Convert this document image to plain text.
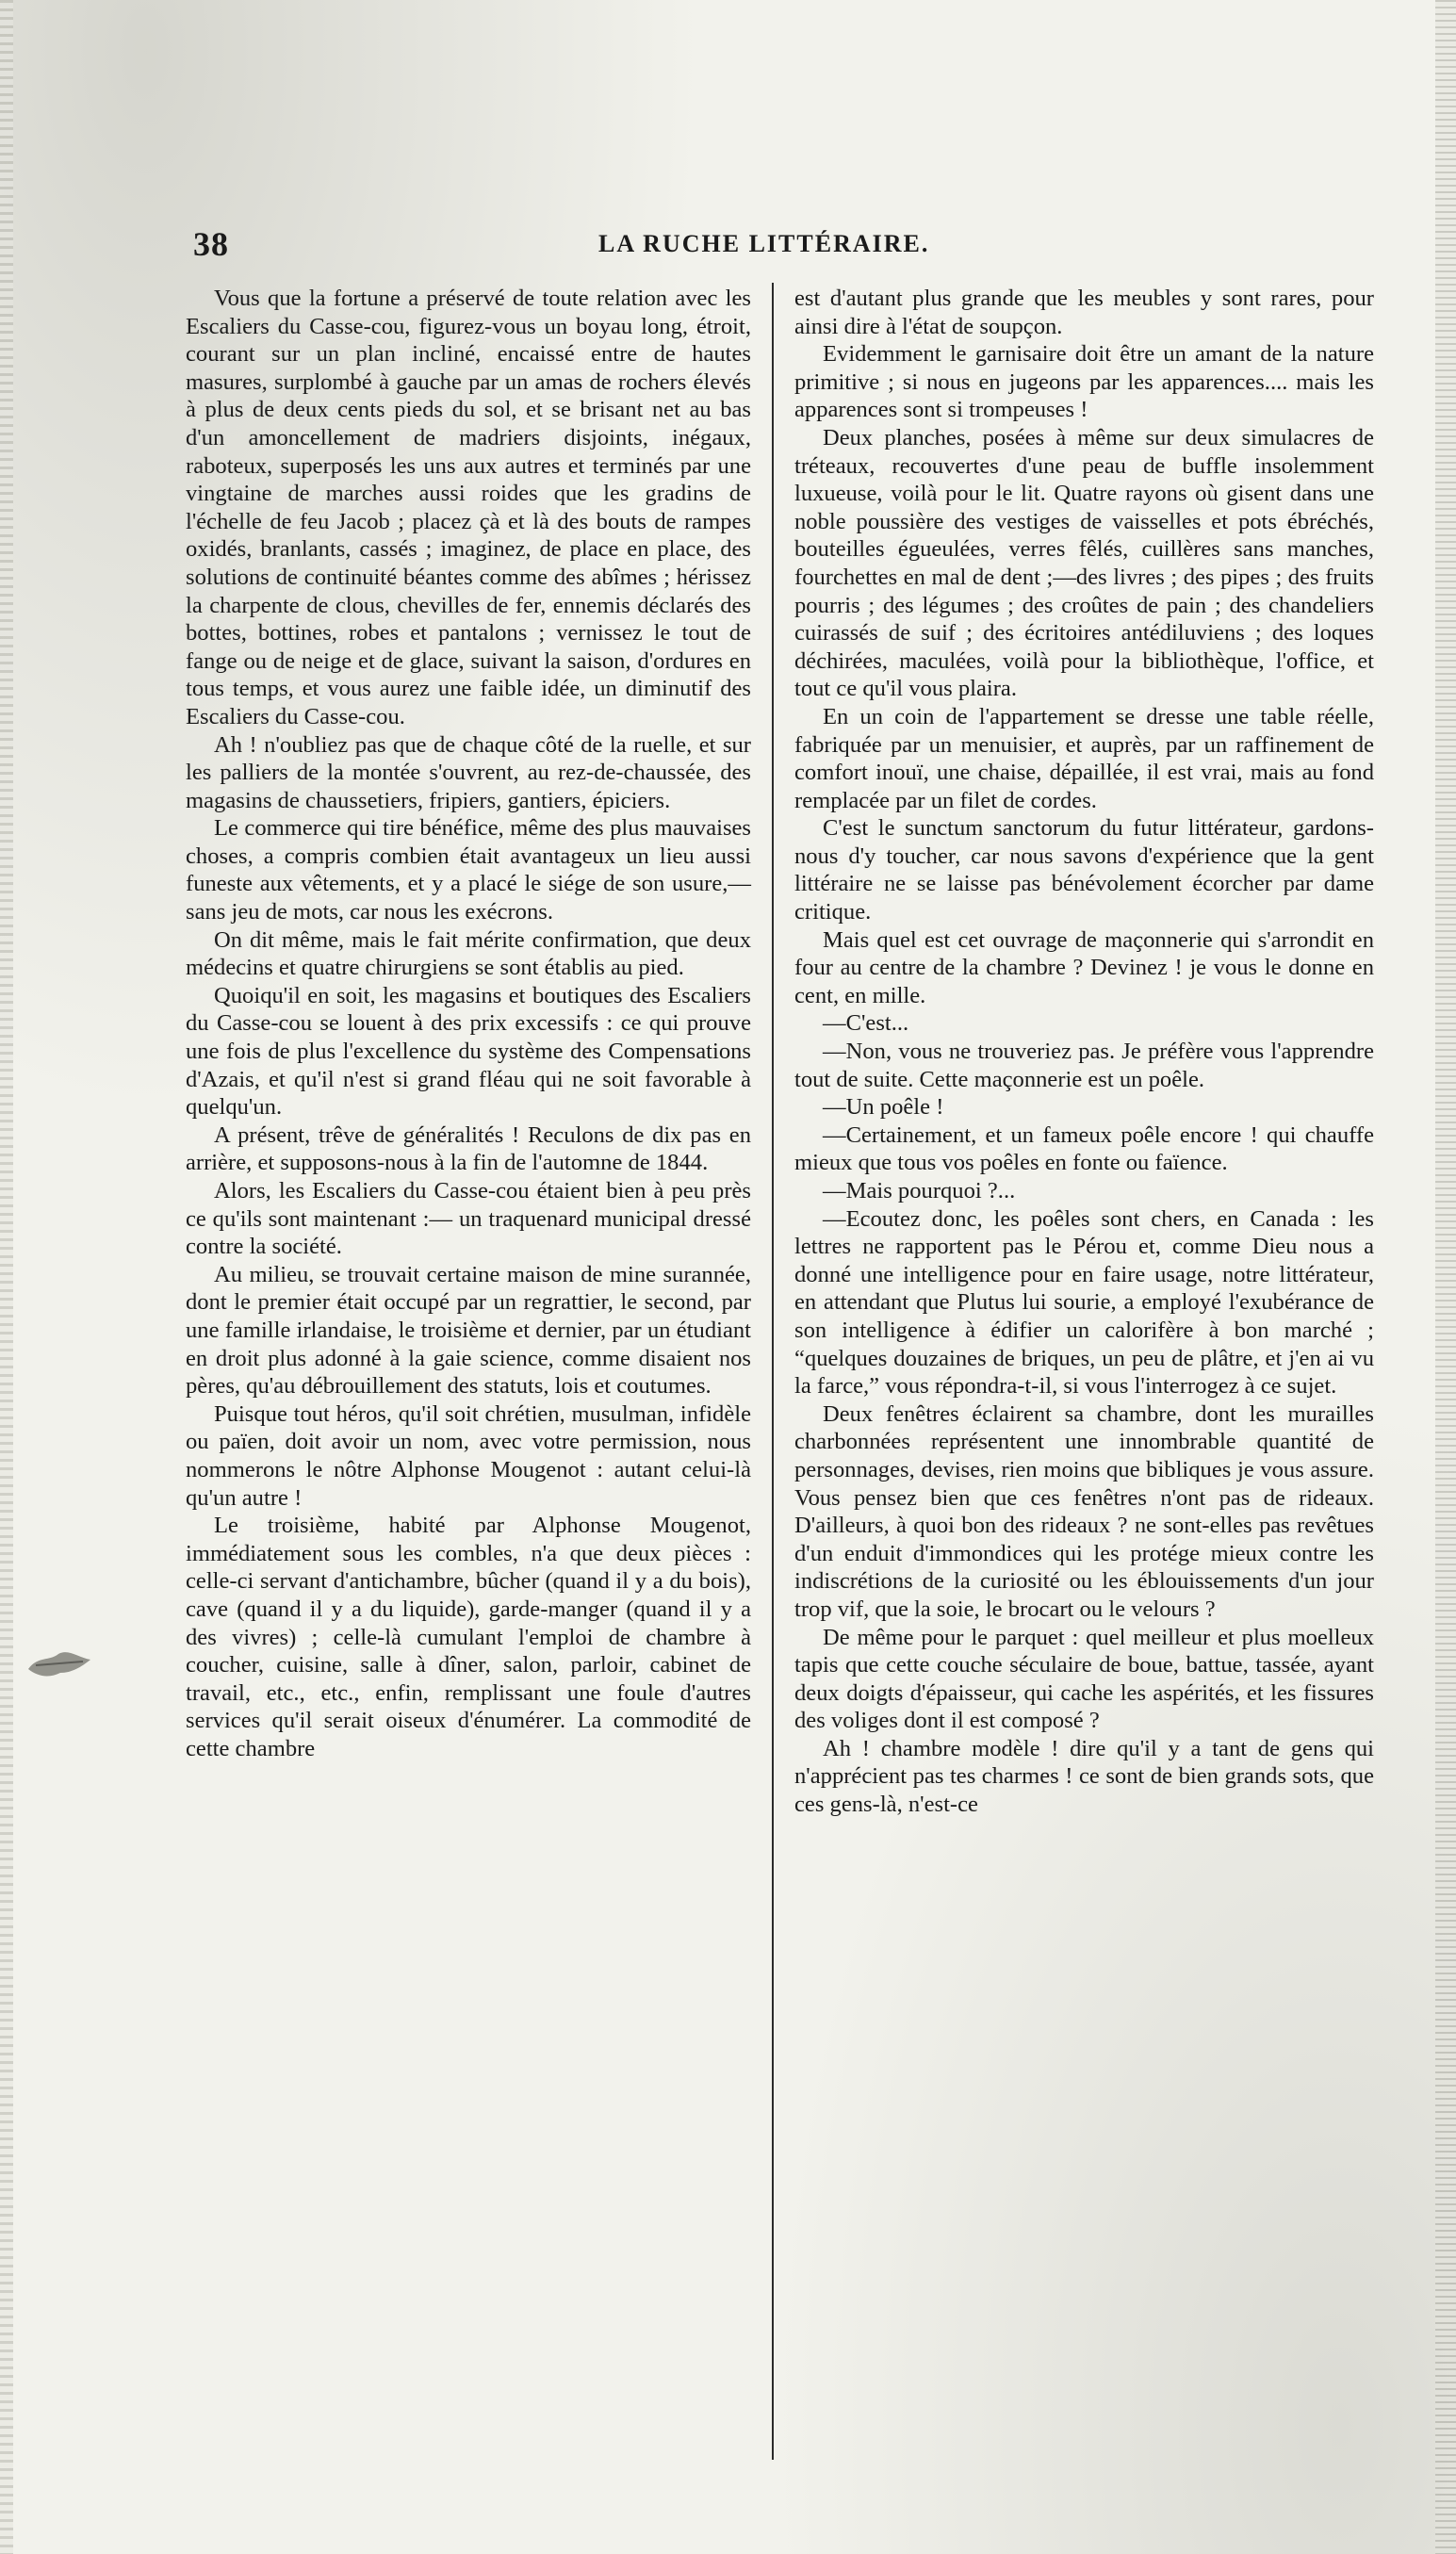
38	LA RUCHE LITTÉRAIRE.

Vous que la fortune a préservé de toute relation avec les Escaliers du Casse-cou, figurez-vous un boyau long, étroit, courant sur un plan incliné, encaissé entre de hautes masures, surplombé à gauche par un amas de rochers élevés à plus de deux cents pieds du sol, et se brisant net au bas d'un amoncellement de madriers disjoints, inégaux, raboteux, superposés les uns aux autres et terminés par une vingtaine de marches aussi roides que les gradins de l'échelle de feu Jacob ; placez çà et là des bouts de rampes oxidés, branlants, cassés ; imaginez, de place en place, des solutions de continuité béantes comme des abîmes ; hérissez la charpente de clous, chevilles de fer, ennemis déclarés des bottes, bottines, robes et pantalons ; vernissez le tout de fange ou de neige et de glace, suivant la saison, d'ordures en tous temps, et vous aurez une faible idée, un diminutif des Escaliers du Casse-cou.

Ah ! n'oubliez pas que de chaque côté de la ruelle, et sur les palliers de la montée s'ouvrent, au rez-de-chaussée, des magasins de chaussetiers, fripiers, gantiers, épiciers.

Le commerce qui tire bénéfice, même des plus mauvaises choses, a compris combien était avantageux un lieu aussi funeste aux vêtements, et y a placé le siége de son usure,—sans jeu de mots, car nous les exécrons.

On dit même, mais le fait mérite confirmation, que deux médecins et quatre chirurgiens se sont établis au pied.

Quoiqu'il en soit, les magasins et boutiques des Escaliers du Casse-cou se louent à des prix excessifs : ce qui prouve une fois de plus l'excellence du système des Compensations d'Azais, et qu'il n'est si grand fléau qui ne soit favorable à quelqu'un.

A présent, trêve de généralités ! Reculons de dix pas en arrière, et supposons-nous à la fin de l'automne de 1844.

Alors, les Escaliers du Casse-cou étaient bien à peu près ce qu'ils sont maintenant :— un traquenard municipal dressé contre la société.

Au milieu, se trouvait certaine maison de mine surannée, dont le premier était occupé par un regrattier, le second, par une famille irlandaise, le troisième et dernier, par un étudiant en droit plus adonné à la gaie science, comme disaient nos pères, qu'au débrouillement des statuts, lois et coutumes.

Puisque tout héros, qu'il soit chrétien, musulman, infidèle ou païen, doit avoir un nom, avec votre permission, nous nommerons le nôtre Alphonse Mougenot : autant celui-là qu'un autre !

Le troisième, habité par Alphonse Mougenot, immédiatement sous les combles, n'a que deux pièces : celle-ci servant d'antichambre, bûcher (quand il y a du bois), cave (quand il y a du liquide), garde-manger (quand il y a des vivres) ; celle-là cumulant l'emploi de chambre à coucher, cuisine, salle à dîner, salon, parloir, cabinet de travail, etc., etc., enfin, remplissant une foule d'autres services qu'il serait oiseux d'énumérer. La commodité de cette chambre

est d'autant plus grande que les meubles y sont rares, pour ainsi dire à l'état de soupçon.

Evidemment le garnisaire doit être un amant de la nature primitive ; si nous en jugeons par les apparences.... mais les apparences sont si trompeuses !

Deux planches, posées à même sur deux simulacres de tréteaux, recouvertes d'une peau de buffle insolemment luxueuse, voilà pour le lit. Quatre rayons où gisent dans une noble poussière des vestiges de vaisselles et pots ébréchés, bouteilles égueulées, verres fêlés, cuillères sans manches, fourchettes en mal de dent ;—des livres ; des pipes ; des fruits pourris ; des légumes ; des croûtes de pain ; des chandeliers cuirassés de suif ; des écritoires antédiluviens ; des loques déchirées, maculées, voilà pour la bibliothèque, l'office, et tout ce qu'il vous plaira.

En un coin de l'appartement se dresse une table réelle, fabriquée par un menuisier, et auprès, par un raffinement de comfort inouï, une chaise, dépaillée, il est vrai, mais au fond remplacée par un filet de cordes.

C'est le sunctum sanctorum du futur littérateur, gardons-nous d'y toucher, car nous savons d'expérience que la gent littéraire ne se laisse pas bénévolement écorcher par dame critique.

Mais quel est cet ouvrage de maçonnerie qui s'arrondit en four au centre de la chambre ? Devinez ! je vous le donne en cent, en mille.

—C'est...

—Non, vous ne trouveriez pas. Je préfère vous l'apprendre tout de suite. Cette maçonnerie est un poêle.

—Un poêle !

—Certainement, et un fameux poêle encore ! qui chauffe mieux que tous vos poêles en fonte ou faïence.

—Mais pourquoi ?...

—Ecoutez donc, les poêles sont chers, en Canada : les lettres ne rapportent pas le Pérou et, comme Dieu nous a donné une intelligence pour en faire usage, notre littérateur, en attendant que Plutus lui sourie, a employé l'exubérance de son intelligence à édifier un calorifère à bon marché ; “quelques douzaines de briques, un peu de plâtre, et j'en ai vu la farce,” vous répondra-t-il, si vous l'interrogez à ce sujet.

Deux fenêtres éclairent sa chambre, dont les murailles charbonnées représentent une innombrable quantité de personnages, devises, rien moins que bibliques je vous assure. Vous pensez bien que ces fenêtres n'ont pas de rideaux. D'ailleurs, à quoi bon des rideaux ? ne sont-elles pas revêtues d'un enduit d'immondices qui les protége mieux contre les indiscrétions de la curiosité ou les éblouissements d'un jour trop vif, que la soie, le brocart ou le velours ?

De même pour le parquet : quel meilleur et plus moelleux tapis que cette couche séculaire de boue, battue, tassée, ayant deux doigts d'épaisseur, qui cache les aspérités, et les fissures des voliges dont il est composé ?

Ah ! chambre modèle ! dire qu'il y a tant de gens qui n'apprécient pas tes charmes ! ce sont de bien grands sots, que ces gens-là, n'est-ce
